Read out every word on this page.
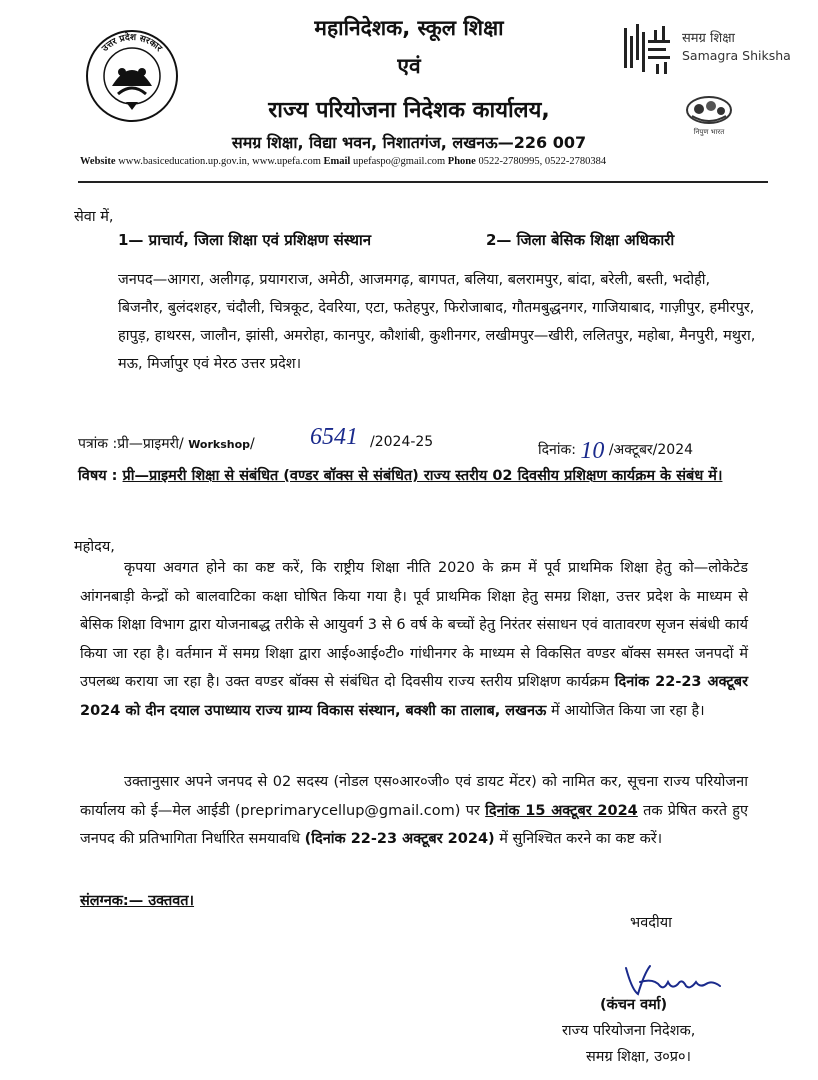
महानिदेशक, स्कूल शिक्षा
एवं
राज्य परियोजना निदेशक कार्यालय,
समग्र शिक्षा, विद्या भवन, निशातगंज, लखनऊ—226 007
Website www.basiceducation.up.gov.in, www.upefa.com Email upefaspo@gmail.com Phone 0522-2780995, 0522-2780384
उत्तर प्रदेश सरकार
समग्र शिक्षा
Samagra Shiksha
निपुण भारत
सेवा में,
1— प्राचार्य, जिला शिक्षा एवं प्रशिक्षण संस्थान	2— जिला बेसिक शिक्षा अधिकारी
जनपद—आगरा, अलीगढ़, प्रयागराज, अमेठी, आजमगढ़, बागपत, बलिया, बलरामपुर, बांदा, बरेली, बस्ती, भदोही, बिजनौर, बुलंदशहर, चंदौली, चित्रकूट, देवरिया, एटा, फतेहपुर, फिरोजाबाद, गौतमबुद्धनगर, गाजियाबाद, गाज़ीपुर, हमीरपुर, हापुड़, हाथरस, जालौन, झांसी, अमरोहा, कानपुर, कौशांबी, कुशीनगर, लखीमपुर—खीरी, ललितपुर, महोबा, मैनपुरी, मथुरा, मऊ, मिर्जापुर एवं मेरठ उत्तर प्रदेश।
पत्रांक :प्री—प्राइमरी/ Workshop/ 6541 /2024-25	दिनांक: 10 /अक्टूबर/2024
विषय : प्री—प्राइमरी शिक्षा से संबंधित (वण्डर बॉक्स से संबंधित) राज्य स्तरीय 02 दिवसीय प्रशिक्षण कार्यक्रम के संबंध में।
महोदय,
कृपया अवगत होने का कष्ट करें, कि राष्ट्रीय शिक्षा नीति 2020 के क्रम में पूर्व प्राथमिक शिक्षा हेतु को—लोकेटेड आंगनबाड़ी केन्द्रों को बालवाटिका कक्षा घोषित किया गया है। पूर्व प्राथमिक शिक्षा हेतु समग्र शिक्षा, उत्तर प्रदेश के माध्यम से बेसिक शिक्षा विभाग द्वारा योजनाबद्ध तरीके से आयुवर्ग 3 से 6 वर्ष के बच्चों हेतु निरंतर संसाधन एवं वातावरण सृजन संबंधी कार्य किया जा रहा है। वर्तमान में समग्र शिक्षा द्वारा आई०आई०टी० गांधीनगर के माध्यम से विकसित वण्डर बॉक्स समस्त जनपदों में उपलब्ध कराया जा रहा है। उक्त वण्डर बॉक्स से संबंधित दो दिवसीय राज्य स्तरीय प्रशिक्षण कार्यक्रम दिनांक 22-23 अक्टूबर 2024 को दीन दयाल उपाध्याय राज्य ग्राम्य विकास संस्थान, बक्शी का तालाब, लखनऊ में आयोजित किया जा रहा है।
उक्तानुसार अपने जनपद से 02 सदस्य (नोडल एस०आर०जी० एवं डायट मेंटर) को नामित कर, सूचना राज्य परियोजना कार्यालय को ई—मेल आईडी (preprimarycellup@gmail.com) पर दिनांक 15 अक्टूबर 2024 तक प्रेषित करते हुए जनपद की प्रतिभागिता निर्धारित समयावधि (दिनांक 22-23 अक्टूबर 2024) में सुनिश्चित करने का कष्ट करें।
संलग्नक:— उक्तवत।
भवदीया
(कंचन वर्मा)
राज्य परियोजना निदेशक,
समग्र शिक्षा, उ०प्र०।
